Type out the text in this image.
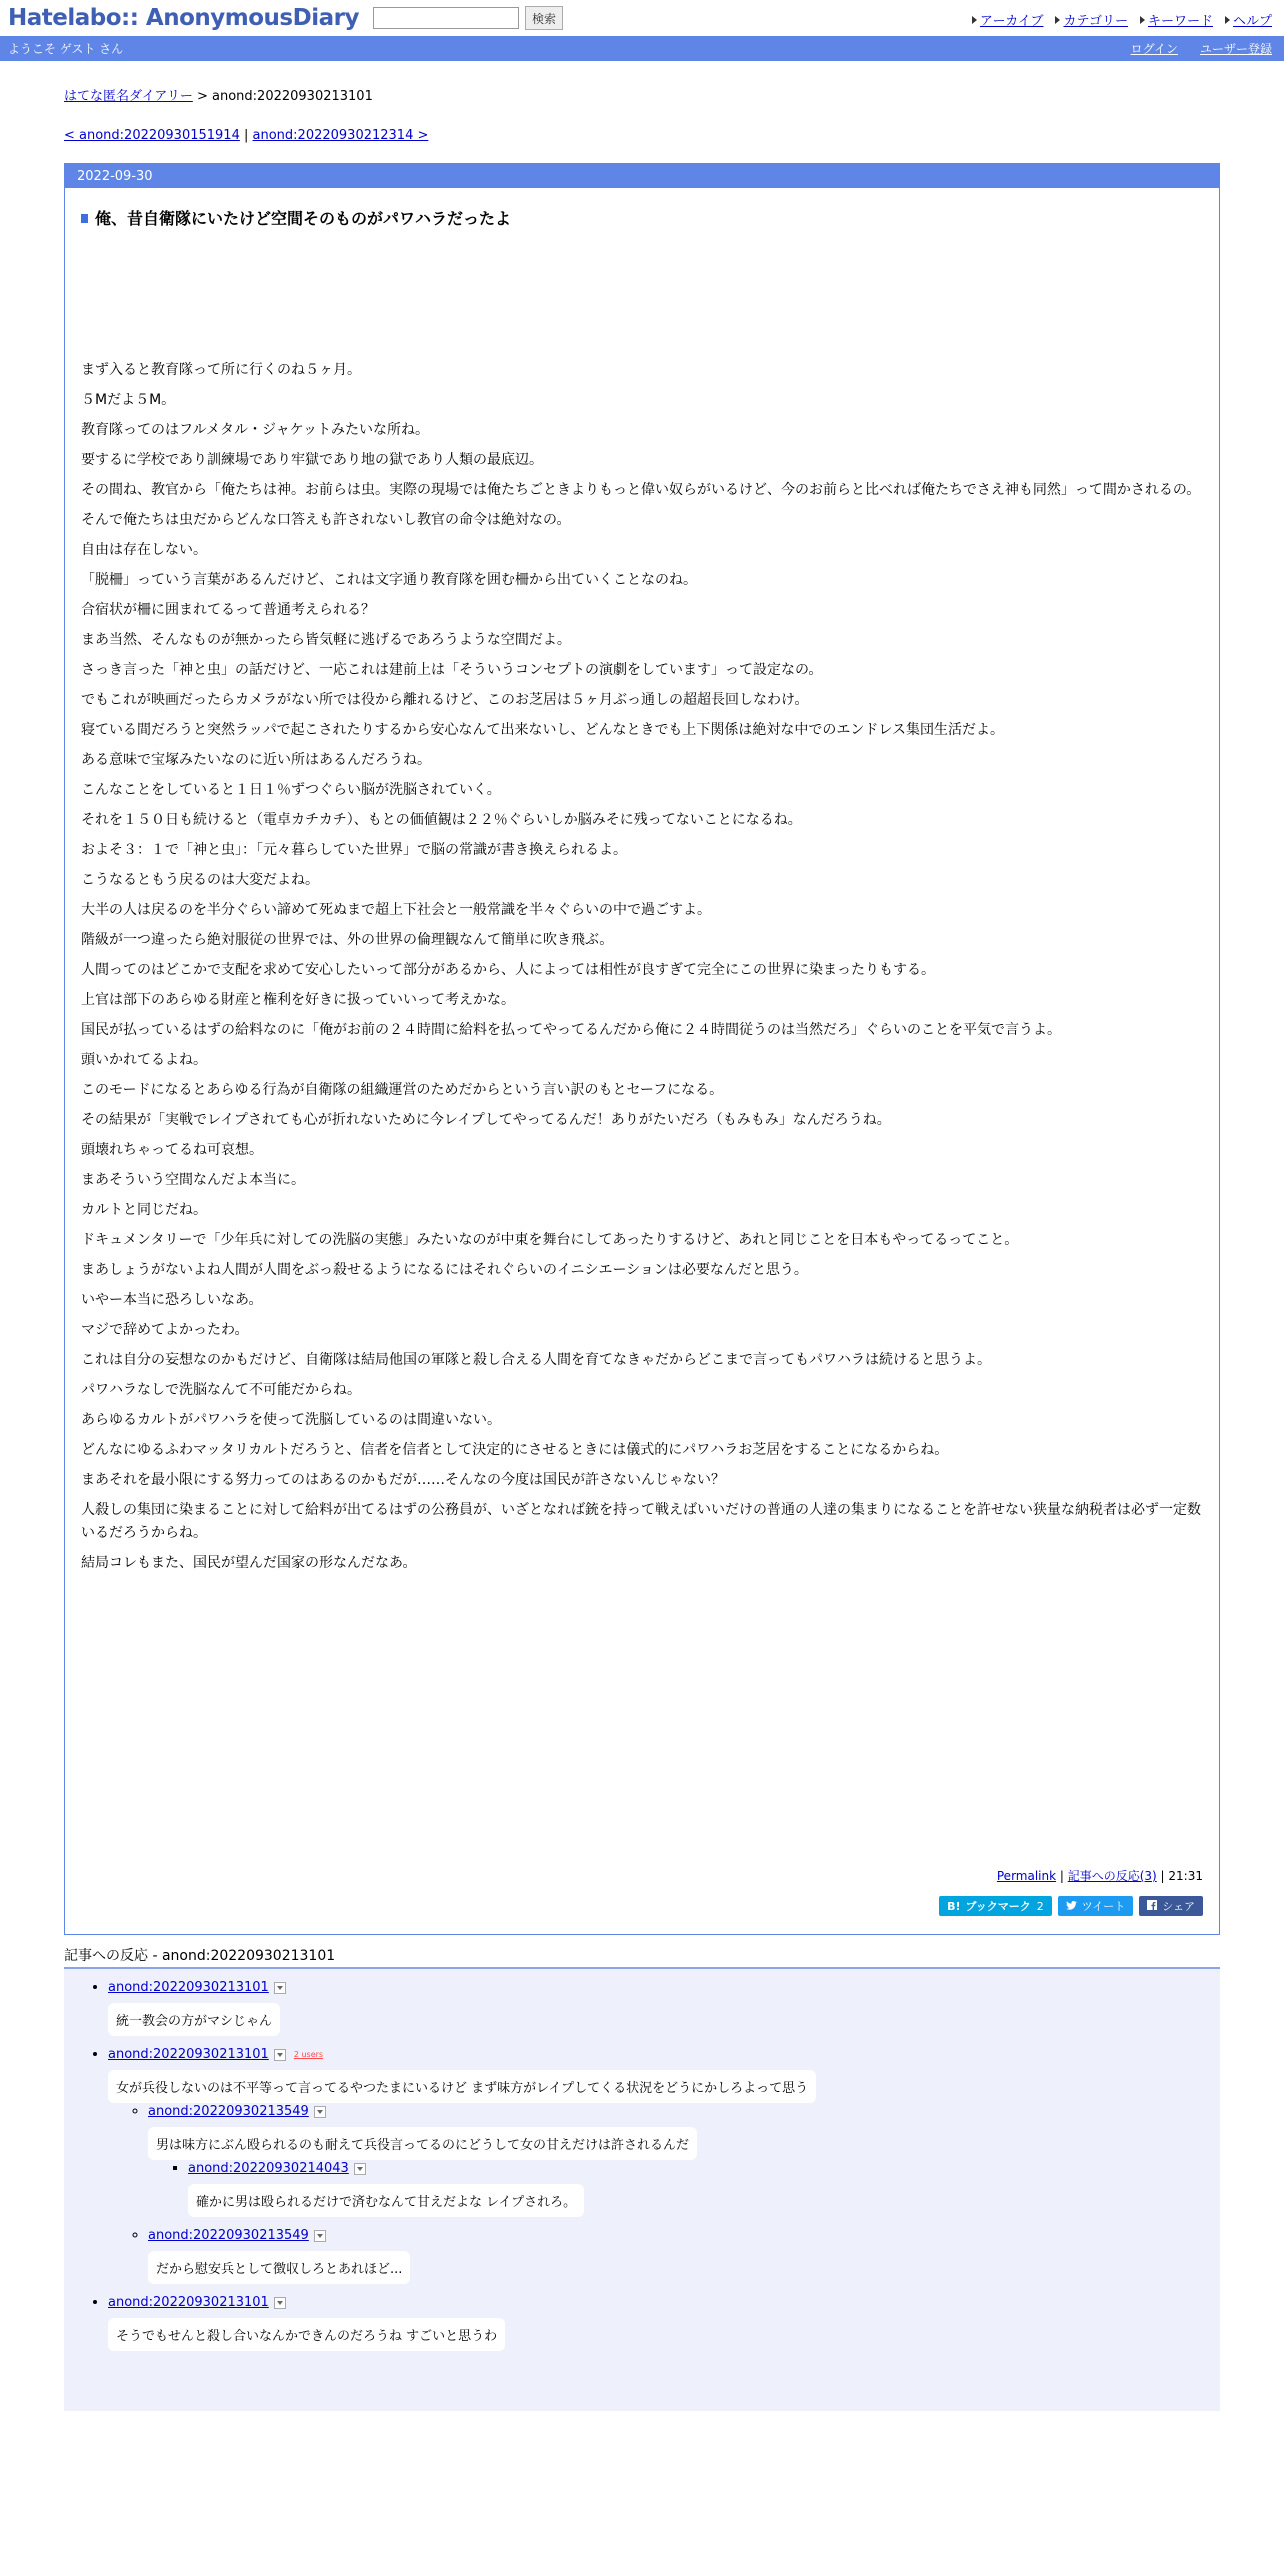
Hatelabo:: AnonymousDiary	検索	アーカイブ カテゴリー キーワード ヘルプ
ようこそ ゲスト さん	ログイン ユーザー登録
はてな匿名ダイアリー > anond:20220930213101
< anond:20220930151914 | anond:20220930212314 >
2022-09-30
俺、昔自衛隊にいたけど空間そのものがパワハラだったよ

まず入ると教育隊って所に行くのね５ヶ月。

５Mだよ５M。

教育隊ってのはフルメタル・ジャケットみたいな所ね。

要するに学校であり訓練場であり牢獄であり地の獄であり人類の最底辺。

その間ね、教官から「俺たちは神。お前らは虫。実際の現場では俺たちごときよりもっと偉い奴らがいるけど、今のお前らと比べれば俺たちでさえ神も同然」って間かされるの。

そんで俺たちは虫だからどんな口答えも許されないし教官の命令は絶対なの。

自由は存在しない。

「脱柵」っていう言葉があるんだけど、これは文字通り教育隊を囲む柵から出ていくことなのね。

合宿状が柵に囲まれてるって普通考えられる？

まあ当然、そんなものが無かったら皆気軽に逃げるであろうような空間だよ。

さっき言った「神と虫」の話だけど、一応これは建前上は「そういうコンセプトの演劇をしています」って設定なの。

でもこれが映画だったらカメラがない所では役から離れるけど、このお芝居は５ヶ月ぶっ通しの超超長回しなわけ。

寝ている間だろうと突然ラッパで起こされたりするから安心なんて出来ないし、どんなときでも上下関係は絶対な中でのエンドレス集団生活だよ。

ある意味で宝塚みたいなのに近い所はあるんだろうね。

こんなことをしていると１日１％ずつぐらい脳が洗脳されていく。

それを１５０日も続けると（電卓カチカチ）、もとの価値観は２２％ぐらいしか脳みそに残ってないことになるね。

およそ３：１で「神と虫」：「元々暮らしていた世界」で脳の常識が書き換えられるよ。

こうなるともう戻るのは大変だよね。

大半の人は戻るのを半分ぐらい諦めて死ぬまで超上下社会と一般常識を半々ぐらいの中で過ごすよ。

階級が一つ違ったら絶対服従の世界では、外の世界の倫理観なんて簡単に吹き飛ぶ。

人間ってのはどこかで支配を求めて安心したいって部分があるから、人によっては相性が良すぎて完全にこの世界に染まったりもする。

上官は部下のあらゆる財産と権利を好きに扱っていいって考えかな。

国民が払っているはずの給料なのに「俺がお前の２４時間に給料を払ってやってるんだから俺に２４時間従うのは当然だろ」ぐらいのことを平気で言うよ。

頭いかれてるよね。

このモードになるとあらゆる行為が自衛隊の組織運営のためだからという言い訳のもとセーフになる。

その結果が「実戦でレイプされても心が折れないために今レイプしてやってるんだ！ありがたいだろ（もみもみ」なんだろうね。

頭壊れちゃってるね可哀想。

まあそういう空間なんだよ本当に。

カルトと同じだね。

ドキュメンタリーで「少年兵に対しての洗脳の実態」みたいなのが中東を舞台にしてあったりするけど、あれと同じことを日本もやってるってこと。

まあしょうがないよね人間が人間をぶっ殺せるようになるにはそれぐらいのイニシエーションは必要なんだと思う。

いやー本当に恐ろしいなあ。

マジで辞めてよかったわ。

これは自分の妄想なのかもだけど、自衛隊は結局他国の軍隊と殺し合える人間を育てなきゃだからどこまで言ってもパワハラは続けると思うよ。

パワハラなしで洗脳なんて不可能だからね。

あらゆるカルトがパワハラを使って洗脳しているのは間違いない。

どんなにゆるふわマッタリカルトだろうと、信者を信者として決定的にさせるときには儀式的にパワハラお芝居をすることになるからね。

まあそれを最小限にする努力ってのはあるのかもだが……そんなの今度は国民が許さないんじゃない？

人殺しの集団に染まることに対して給料が出てるはずの公務員が、いざとなれば銃を持って戦えばいいだけの普通の人達の集まりになることを許せない狭量な納税者は必ず一定数いるだろうからね。

結局コレもまた、国民が望んだ国家の形なんだなあ。

Permalink | 記事への反応(3) | 21:31
B! ブックマーク 2	ツイート	シェア
記事への反応 - anond:20220930213101
• anond:20220930213101
統一教会の方がマシじゃん
• anond:20220930213101	2 users
女が兵役しないのは不平等って言ってるやつたまにいるけど まず味方がレイプしてくる状況をどうにかしろよって思う
◦ anond:20220930213549
男は味方にぶん殴られるのも耐えて兵役言ってるのにどうして女の甘えだけは許されるんだ
▪ anond:20220930214043
確かに男は殴られるだけで済むなんて甘えだよな レイプされろ。
◦ anond:20220930213549
だから慰安兵として徴収しろとあれほど...
• anond:20220930213101
そうでもせんと殺し合いなんかできんのだろうね すごいと思うわ
